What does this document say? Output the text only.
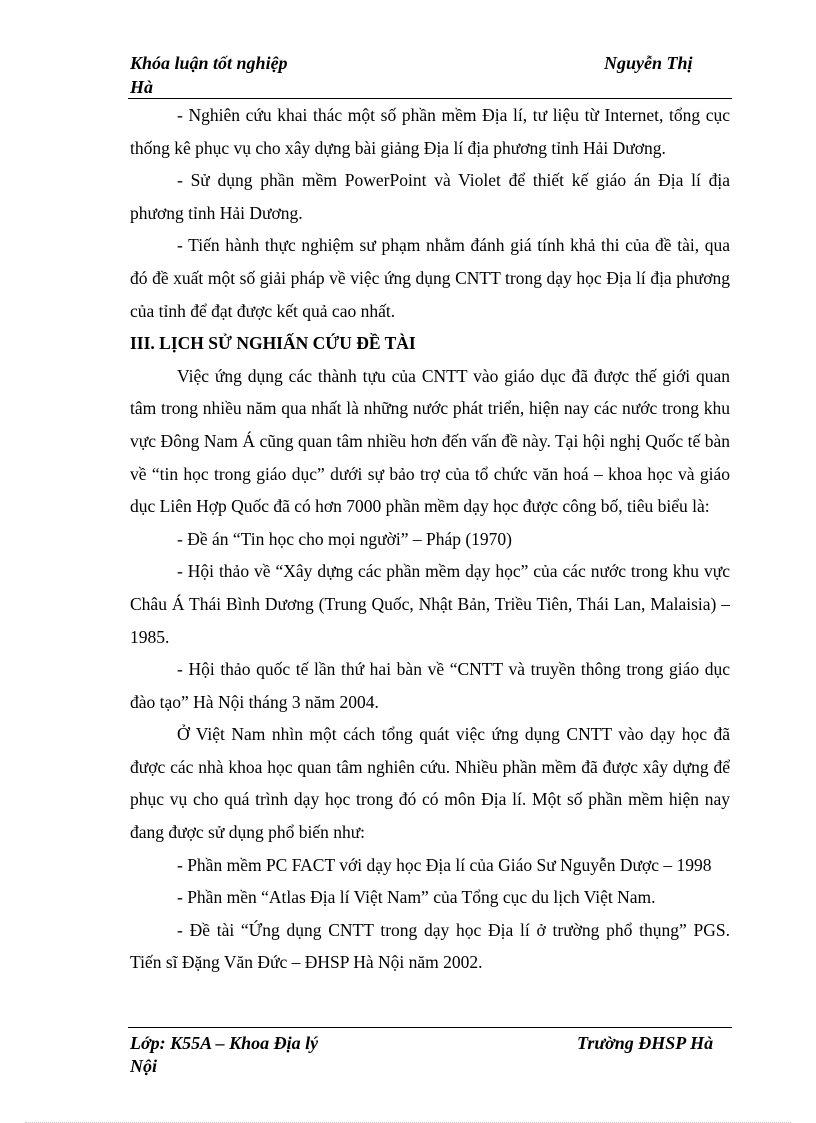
Khóa luận tốt nghiệp	Nguyễn Thị
Hà

- Nghiên cứu khai thác một số phần mềm Địa lí, tư liệu từ Internet, tổng cục thống kê phục vụ cho xây dựng bài giảng Địa lí địa phương tỉnh Hải Dương.

- Sử dụng phần mềm PowerPoint và Violet để thiết kế giáo án Địa lí địa phương tỉnh Hải Dương.

- Tiến hành thực nghiệm sư phạm nhằm đánh giá tính khả thi của đề tài, qua đó đề xuất một số giải pháp về việc ứng dụng CNTT trong dạy học Địa lí địa phương của tỉnh để đạt được kết quả cao nhất.

III. LỊCH SỬ NGHIẤN CỨU ĐỀ TÀI

Việc ứng dụng các thành tựu của CNTT vào giáo dục đã được thế giới quan tâm trong nhiều năm qua nhất là những nước phát triển, hiện nay các nước trong khu vực Đông Nam Á cũng quan tâm nhiều hơn đến vấn đề này. Tại hội nghị Quốc tế bàn về “tin học trong giáo dục” dưới sự bảo trợ của tổ chức văn hoá – khoa học và giáo dục Liên Hợp Quốc đã có hơn 7000 phần mềm dạy học được công bố, tiêu biểu là:

- Đề án “Tin học cho mọi người” – Pháp (1970)

- Hội thảo về “Xây dựng các phần mềm dạy học” của các nước trong khu vực Châu Á Thái Bình Dương (Trung Quốc, Nhật Bản, Triều Tiên, Thái Lan, Malaisia) – 1985.

- Hội thảo quốc tế lần thứ hai bàn về “CNTT và truyền thông trong giáo dục đào tạo” Hà Nội tháng 3 năm 2004.

Ở Việt Nam nhìn một cách tổng quát việc ứng dụng CNTT vào dạy học đã được các nhà khoa học quan tâm nghiên cứu. Nhiều phần mềm đã được xây dựng để phục vụ cho quá trình dạy học trong đó có môn Địa lí. Một số phần mềm hiện nay đang được sử dụng phổ biến như:

- Phần mềm PC FACT với dạy học Địa lí của Giáo Sư Nguyễn Dược – 1998

- Phần mền “Atlas Địa lí Việt Nam” của Tổng cục du lịch Việt Nam.

- Đề tài “Ứng dụng CNTT trong dạy học Địa lí ở trường phổ thụng” PGS. Tiến sĩ Đặng Văn Đức – ĐHSP Hà Nội năm 2002.

Lớp: K55A – Khoa Địa lý	Trường ĐHSP Hà
Nội
